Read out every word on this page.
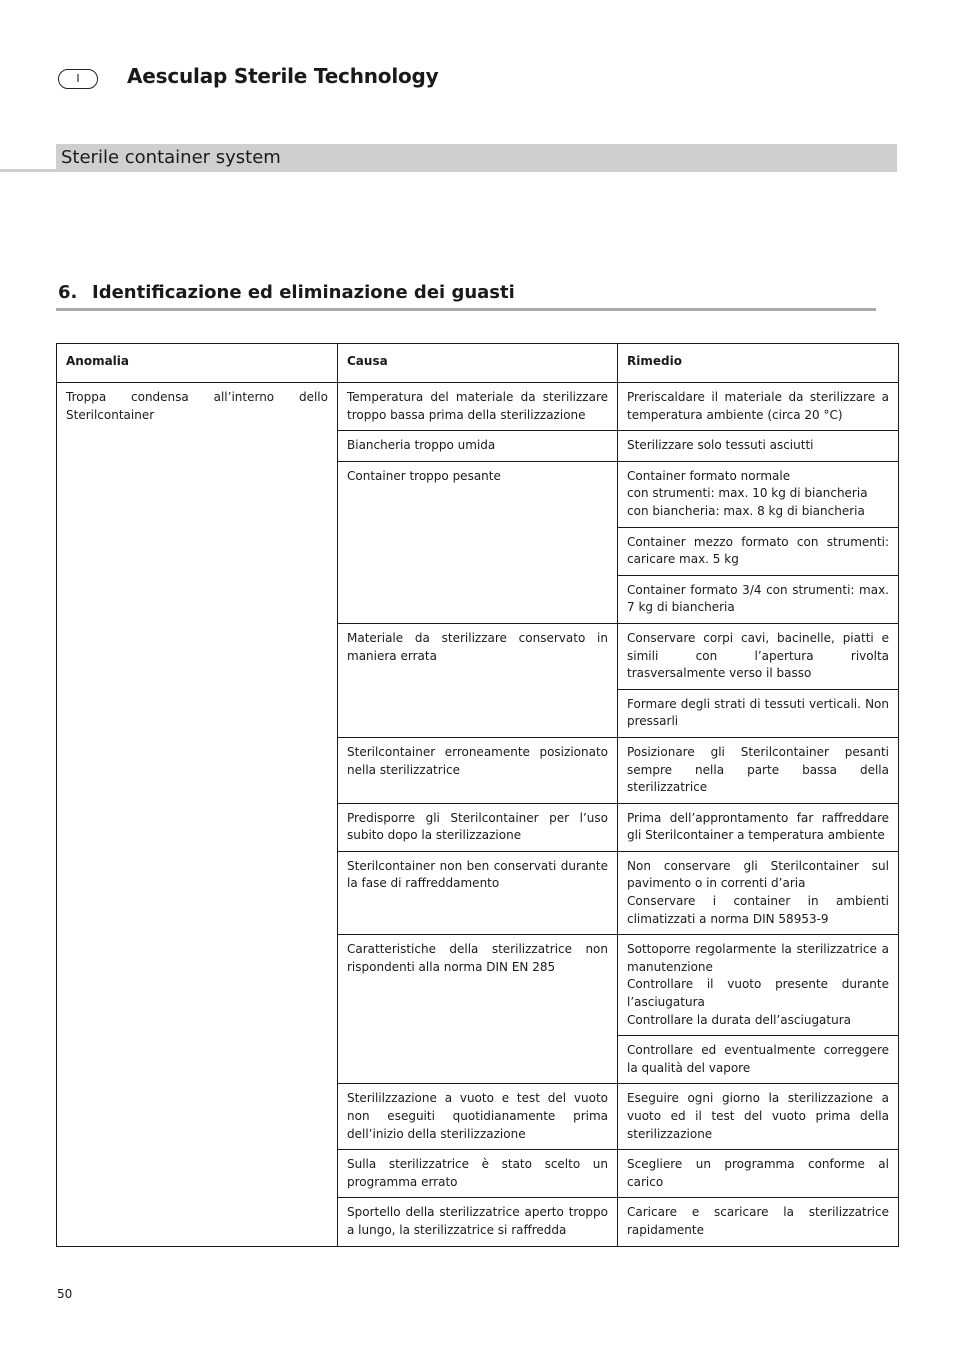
I	Aesculap Sterile Technology
Sterile container system
6. Identificazione ed eliminazione dei guasti
Anomalia	Causa	Rimedio
Troppa condensa all’interno dello Sterilcontainer	Temperatura del materiale da sterilizzare troppo bassa prima della sterilizzazione	Preriscaldare il materiale da sterilizzare a temperatura ambiente (circa 20 °C)

	Biancheria troppo umida	Sterilizzare solo tessuti asciutti

	Container troppo pesante	Container formato normale
con strumenti: max. 10 kg di biancheria
con biancheria: max. 8 kg di biancheria

		Container mezzo formato con strumenti: caricare max. 5 kg

		Container formato 3/4 con strumenti: max. 7 kg di biancheria

	Materiale da sterilizzare conservato in maniera errata	Conservare corpi cavi, bacinelle, piatti e simili con l’apertura rivolta trasversalmente verso il basso

		Formare degli strati di tessuti verticali. Non pressarli

	Sterilcontainer erroneamente posizionato nella sterilizzatrice	Posizionare gli Sterilcontainer pesanti sempre nella parte bassa della sterilizzatrice

	Predisporre gli Sterilcontainer per l’uso subito dopo la sterilizzazione	Prima dell’approntamento far raffreddare gli Sterilcontainer a temperatura ambiente

	Sterilcontainer non ben conservati durante la fase di raffreddamento	Non conservare gli Sterilcontainer sul pavimento o in correnti d’aria
Conservare i container in ambienti climatizzati a norma DIN 58953-9

	Caratteristiche della sterilizzatrice non rispondenti alla norma DIN EN 285	Sottoporre regolarmente la sterilizzatrice a manutenzione
Controllare il vuoto presente durante l’asciugatura
Controllare la durata dell’asciugatura

		Controllare ed eventualmente correggere la qualità del vapore

	Sterililzzazione a vuoto e test del vuoto non eseguiti quotidianamente prima dell’inizio della sterilizzazione	Eseguire ogni giorno la sterilizzazione a vuoto ed il test del vuoto prima della sterilizzazione

	Sulla sterilizzatrice è stato scelto un programma errato	Scegliere un programma conforme al carico

	Sportello della sterilizzatrice aperto troppo a lungo, la sterilizzatrice si raffredda	Caricare e scaricare la sterilizzatrice rapidamente
50
